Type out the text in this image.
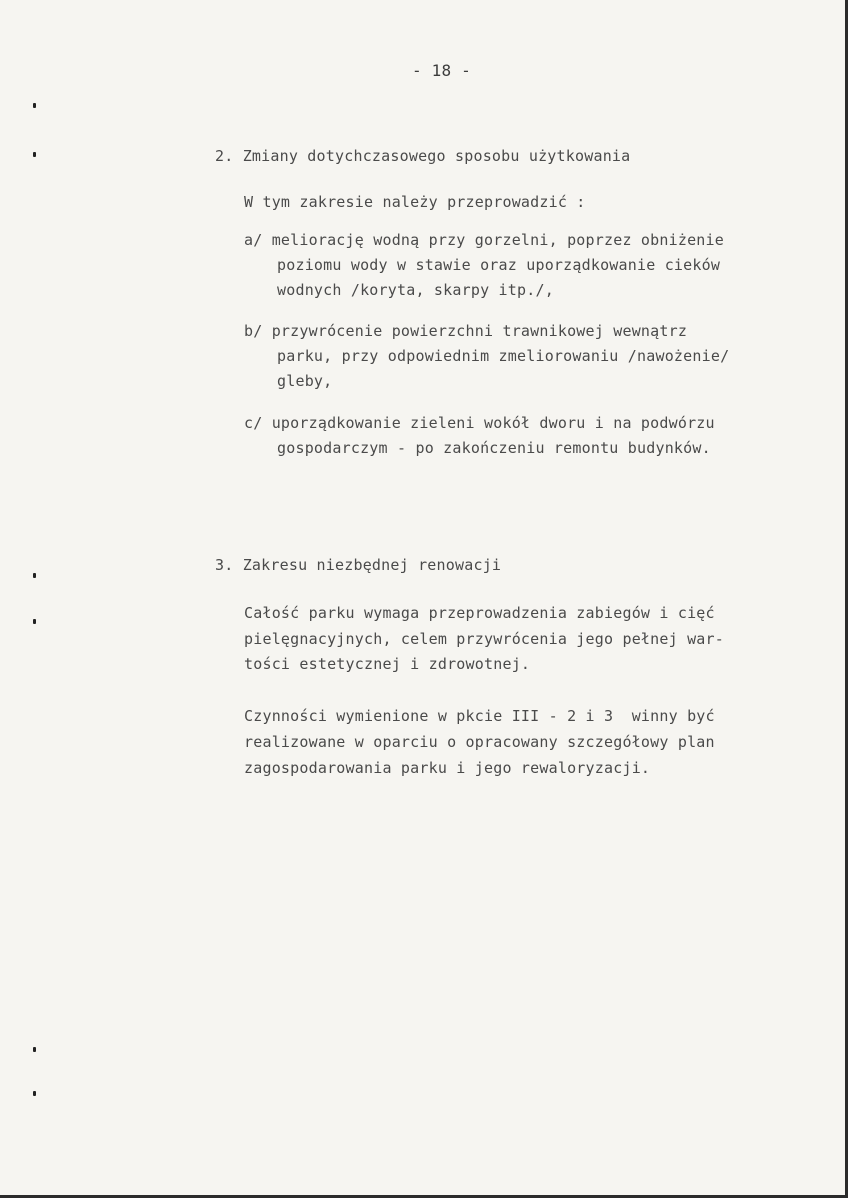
- 18 -
2. Zmiany dotychczasowego sposobu użytkowania
W tym zakresie należy przeprowadzić :
a/ meliorację wodną przy gorzelni, poprzez obniżenie
poziomu wody w stawie oraz uporządkowanie cieków
wodnych /koryta, skarpy itp./,
b/ przywrócenie powierzchni trawnikowej wewnątrz
parku, przy odpowiednim zmeliorowaniu /nawożenie/
gleby,
c/ uporządkowanie zieleni wokół dworu i na podwórzu
gospodarczym - po zakończeniu remontu budynków.
3. Zakresu niezbędnej renowacji
Całość parku wymaga przeprowadzenia zabiegów i cięć
pielęgnacyjnych, celem przywrócenia jego pełnej war-
tości estetycznej i zdrowotnej.
Czynności wymienione w pkcie III - 2 i 3  winny być
realizowane w oparciu o opracowany szczegółowy plan
zagospodarowania parku i jego rewaloryzacji.
